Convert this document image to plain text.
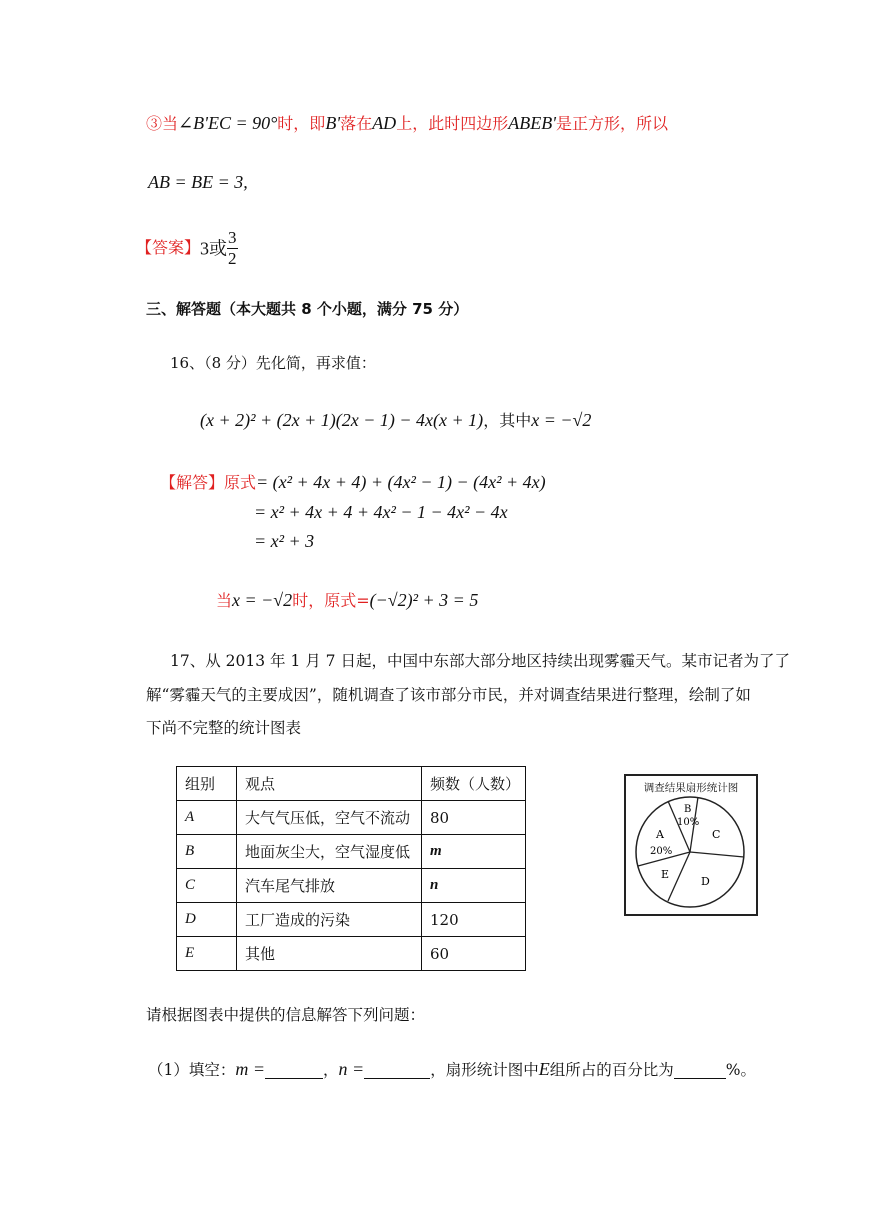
③当∠B'EC = 90°时，即B'落在AD上，此时四边形ABEB'是正方形，所以
AB = BE = 3,
【答案】3或 $\frac{3}{2}$
三、解答题（本大题共 8 个小题，满分 75 分）
16、（8 分）先化简，再求值：
(x + 2)² + (2x + 1)(2x − 1) − 4x(x + 1)，其中x = −√2
【解答】原式= (x² + 4x + 4) + (4x² − 1) − (4x² + 4x)
= x² + 4x + 4 + 4x² − 1 − 4x² − 4x
= x² + 3
当x = −√2时，原式=(−√2)² + 3 = 5
17、从 2013 年 1 月 7 日起，中国中东部大部分地区持续出现雾霾天气。某市记者为了了
解“雾霾天气的主要成因”，随机调查了该市部分市民，并对调查结果进行整理，绘制了如
下尚不完整的统计图表
组别	观点	频数（人数）
A	大气气压低，空气不流动	80
B	地面灰尘大，空气湿度低	m
C	汽车尾气排放	n
D	工厂造成的污染	120
E	其他	60
调查结果扇形统计图
B
10%
C
A
20%
E
D
请根据图表中提供的信息解答下列问题：
（1）填空：m =	，n =	，扇形统计图中E组所占的百分比为	%。
